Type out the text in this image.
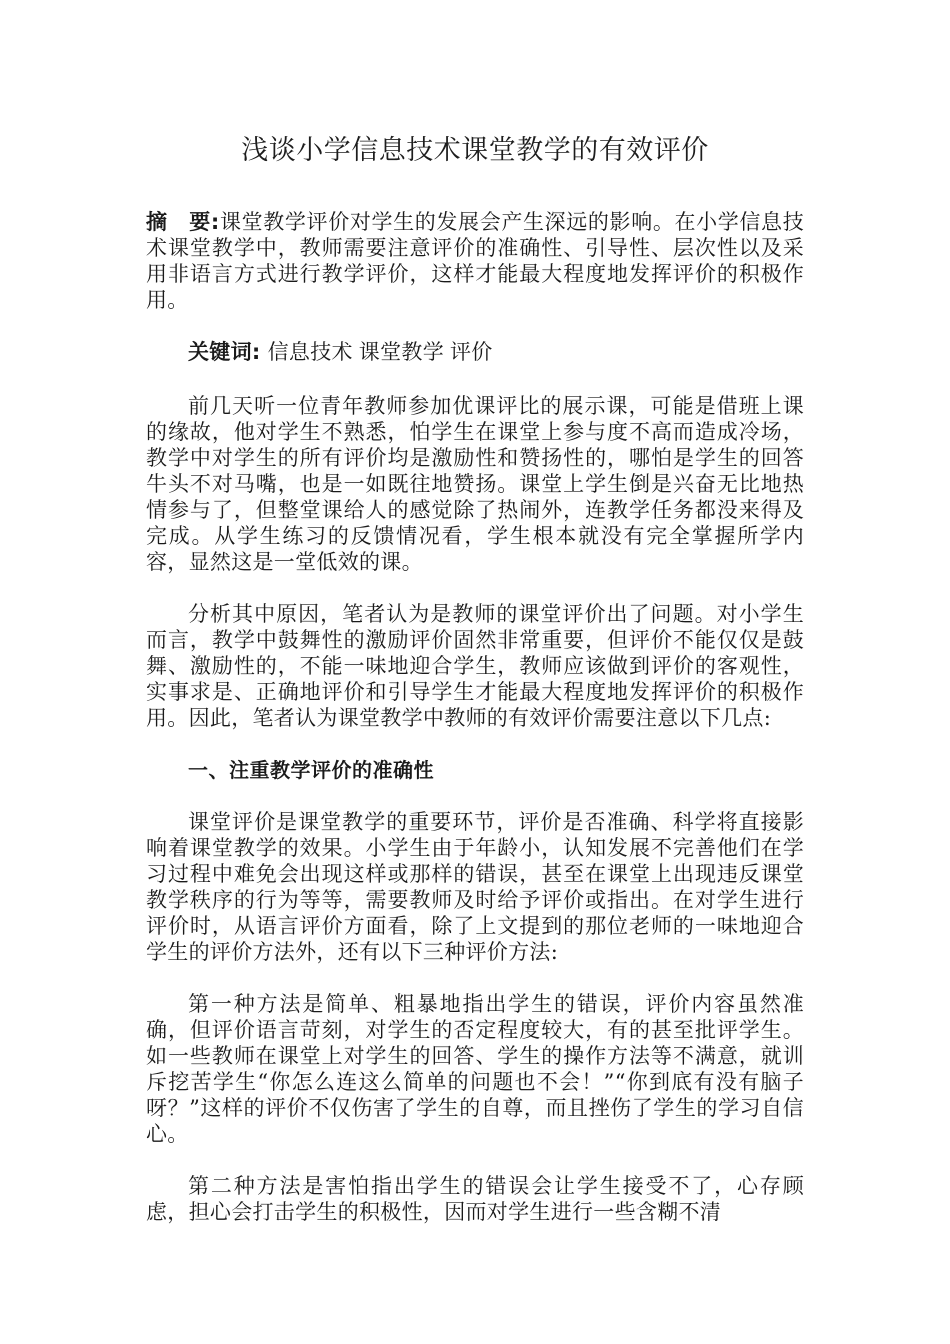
浅谈小学信息技术课堂教学的有效评价

摘　要:课堂教学评价对学生的发展会产生深远的影响。在小学信息技术课堂教学中，教师需要注意评价的准确性、引导性、层次性以及采用非语言方式进行教学评价，这样才能最大程度地发挥评价的积极作用。

关键词: 信息技术 课堂教学 评价

前几天听一位青年教师参加优课评比的展示课，可能是借班上课的缘故，他对学生不熟悉，怕学生在课堂上参与度不高而造成冷场，教学中对学生的所有评价均是激励性和赞扬性的，哪怕是学生的回答牛头不对马嘴，也是一如既往地赞扬。课堂上学生倒是兴奋无比地热情参与了，但整堂课给人的感觉除了热闹外，连教学任务都没来得及完成。从学生练习的反馈情况看，学生根本就没有完全掌握所学内容，显然这是一堂低效的课。

分析其中原因，笔者认为是教师的课堂评价出了问题。对小学生而言，教学中鼓舞性的激励评价固然非常重要，但评价不能仅仅是鼓舞、激励性的，不能一味地迎合学生，教师应该做到评价的客观性，实事求是、正确地评价和引导学生才能最大程度地发挥评价的积极作用。因此，笔者认为课堂教学中教师的有效评价需要注意以下几点:

一、注重教学评价的准确性

课堂评价是课堂教学的重要环节，评价是否准确、科学将直接影响着课堂教学的效果。小学生由于年龄小，认知发展不完善他们在学习过程中难免会出现这样或那样的错误，甚至在课堂上出现违反课堂教学秩序的行为等等，需要教师及时给予评价或指出。在对学生进行评价时，从语言评价方面看，除了上文提到的那位老师的一味地迎合学生的评价方法外，还有以下三种评价方法:

第一种方法是简单、粗暴地指出学生的错误，评价内容虽然准确，但评价语言苛刻，对学生的否定程度较大，有的甚至批评学生。如一些教师在课堂上对学生的回答、学生的操作方法等不满意，就训斥挖苦学生“你怎么连这么简单的问题也不会！”“你到底有没有脑子呀？”这样的评价不仅伤害了学生的自尊，而且挫伤了学生的学习自信心。

第二种方法是害怕指出学生的错误会让学生接受不了，心存顾虑，担心会打击学生的积极性，因而对学生进行一些含糊不清
